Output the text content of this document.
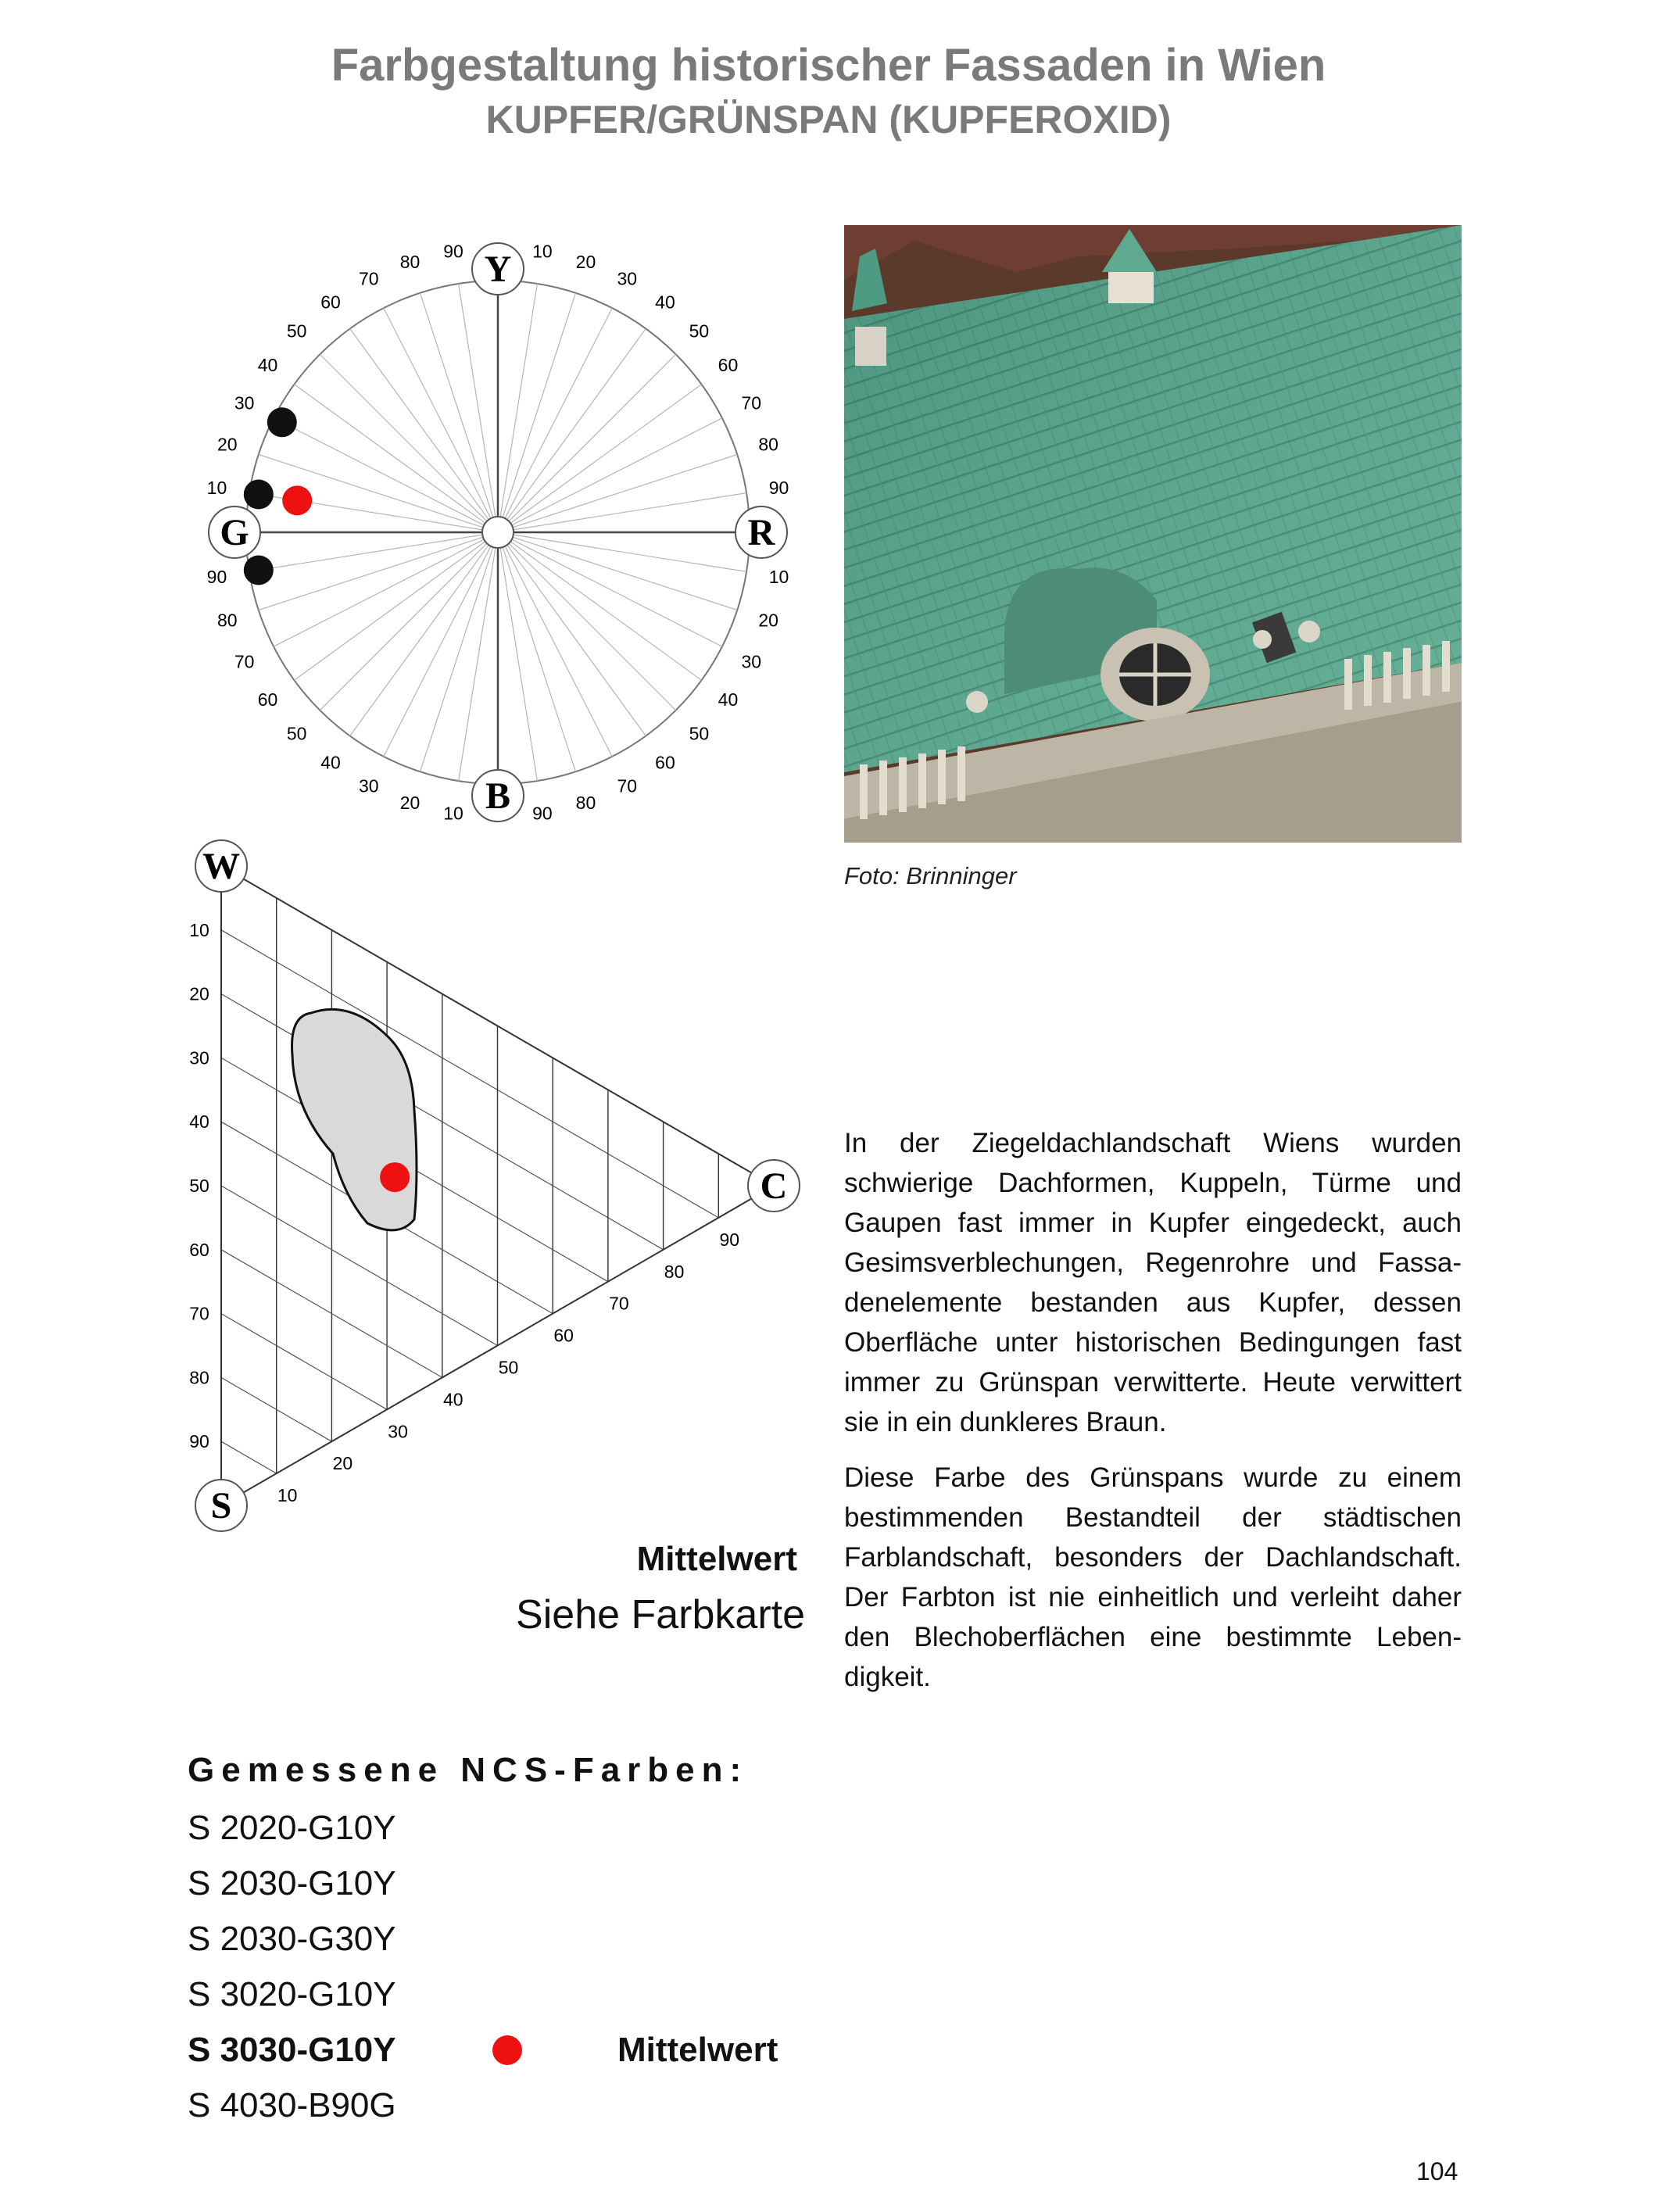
Farbgestaltung historischer Fassaden in Wien
KUPFER/GRÜNSPAN (KUPFEROXID)
Y
R
B
G
10
20
30
40
50
60
70
80
90
10
20
30
40
50
60
70
80
90
10
20
30
40
50
60
70
80
90
10
20
30
40
50
60
70
80
90
W
C
S
10
20
30
40
50
60
70
80
90
10
20
30
40
50
60
70
80
90
Foto: Brinninger

In der Ziegeldachlandschaft Wiens wurden schwierige Dachformen, Kuppeln, Türme und Gaupen fast immer in Kupfer eingedeckt, auch Gesimsverblechungen, Regenrohre und Fassadenelemente bestanden aus Kupfer, dessen Oberfläche unter historischen Bedingungen fast immer zu Grünspan verwitterte. Heute verwittert sie in ein dunkleres Braun.

Diese Farbe des Grünspans wurde zu einem bestimmenden Bestandteil der städtischen Farblandschaft, besonders der Dachlandschaft. Der Farbton ist nie einheitlich und verleiht daher den Blechoberflächen eine bestimmte Lebendigkeit.

Mittelwert
Siehe Farbkarte
Gemessene NCS-Farben:
S 2020-G10Y
S 2030-G10Y
S 2030-G30Y
S 3020-G10Y
S 3030-G10Y	Mittelwert
S 4030-B90G
104
